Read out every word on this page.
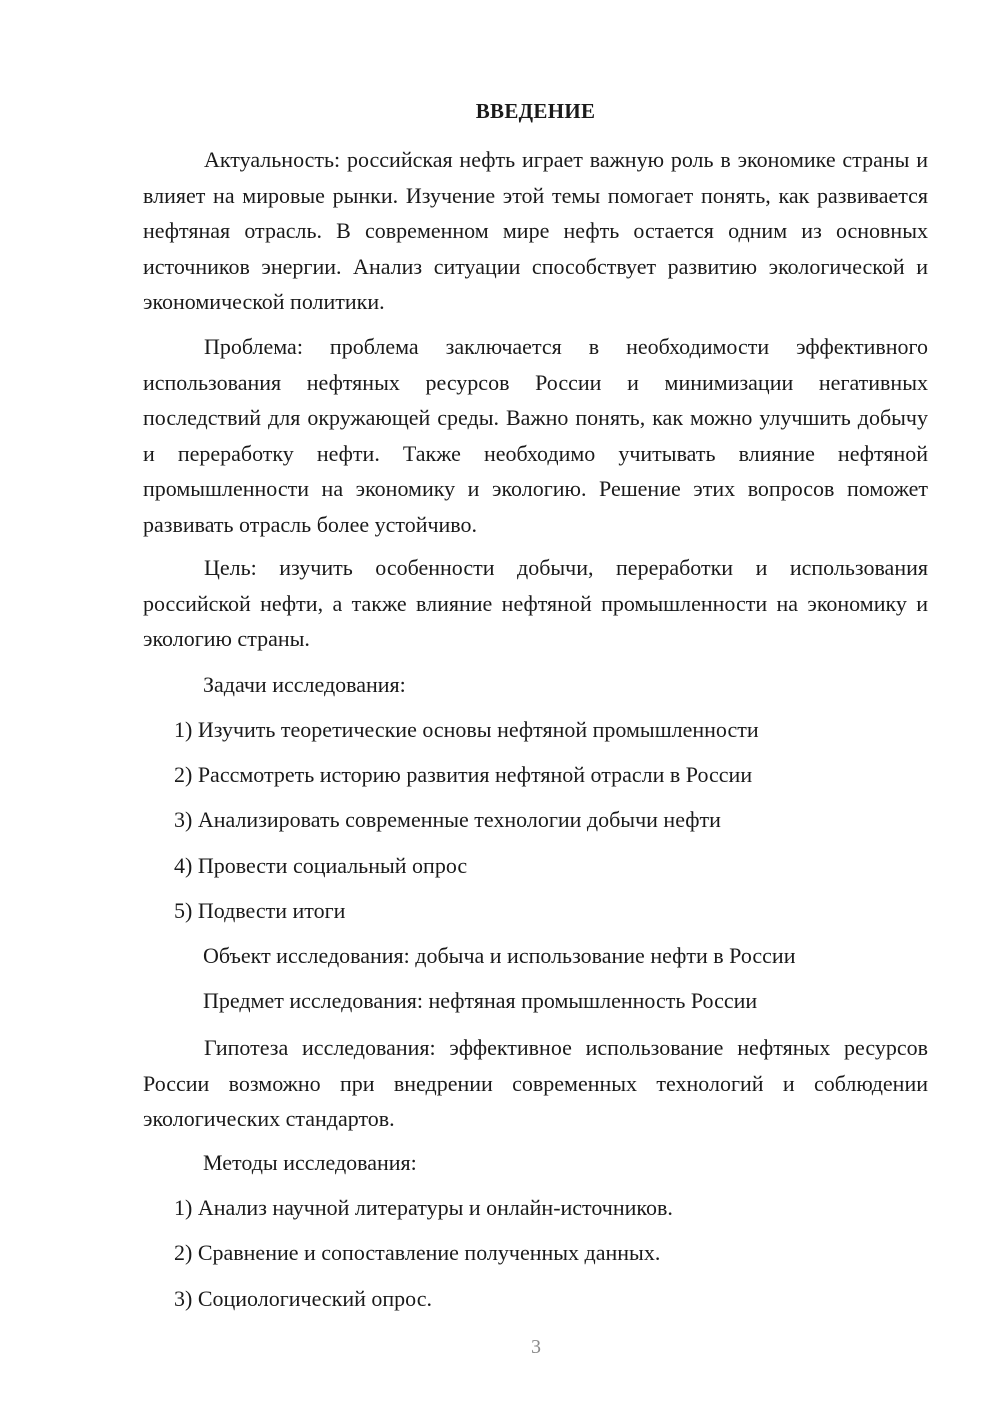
ВВЕДЕНИЕ

Актуальность: российская нефть играет важную роль в экономике страны и влияет на мировые рынки. Изучение этой темы помогает понять, как развивается нефтяная отрасль. В современном мире нефть остается одним из основных источников энергии. Анализ ситуации способствует развитию экологической и экономической политики.

Проблема: проблема заключается в необходимости эффективного использования нефтяных ресурсов России и минимизации негативных последствий для окружающей среды. Важно понять, как можно улучшить добычу и переработку нефти. Также необходимо учитывать влияние нефтяной промышленности на экономику и экологию. Решение этих вопросов поможет развивать отрасль более устойчиво.

Цель: изучить особенности добычи, переработки и использования российской нефти, а также влияние нефтяной промышленности на экономику и экологию страны.

Задачи исследования:

1) Изучить теоретические основы нефтяной промышленности

2) Рассмотреть историю развития нефтяной отрасли в России

3) Анализировать современные технологии добычи нефти

4) Провести социальный опрос

5) Подвести итоги

Объект исследования: добыча и использование нефти в России

Предмет исследования: нефтяная промышленность России

Гипотеза исследования: эффективное использование нефтяных ресурсов России возможно при внедрении современных технологий и соблюдении экологических стандартов.

Методы исследования:

1) Анализ научной литературы и онлайн-источников.

2) Сравнение и сопоставление полученных данных.

3) Социологический опрос.

3
